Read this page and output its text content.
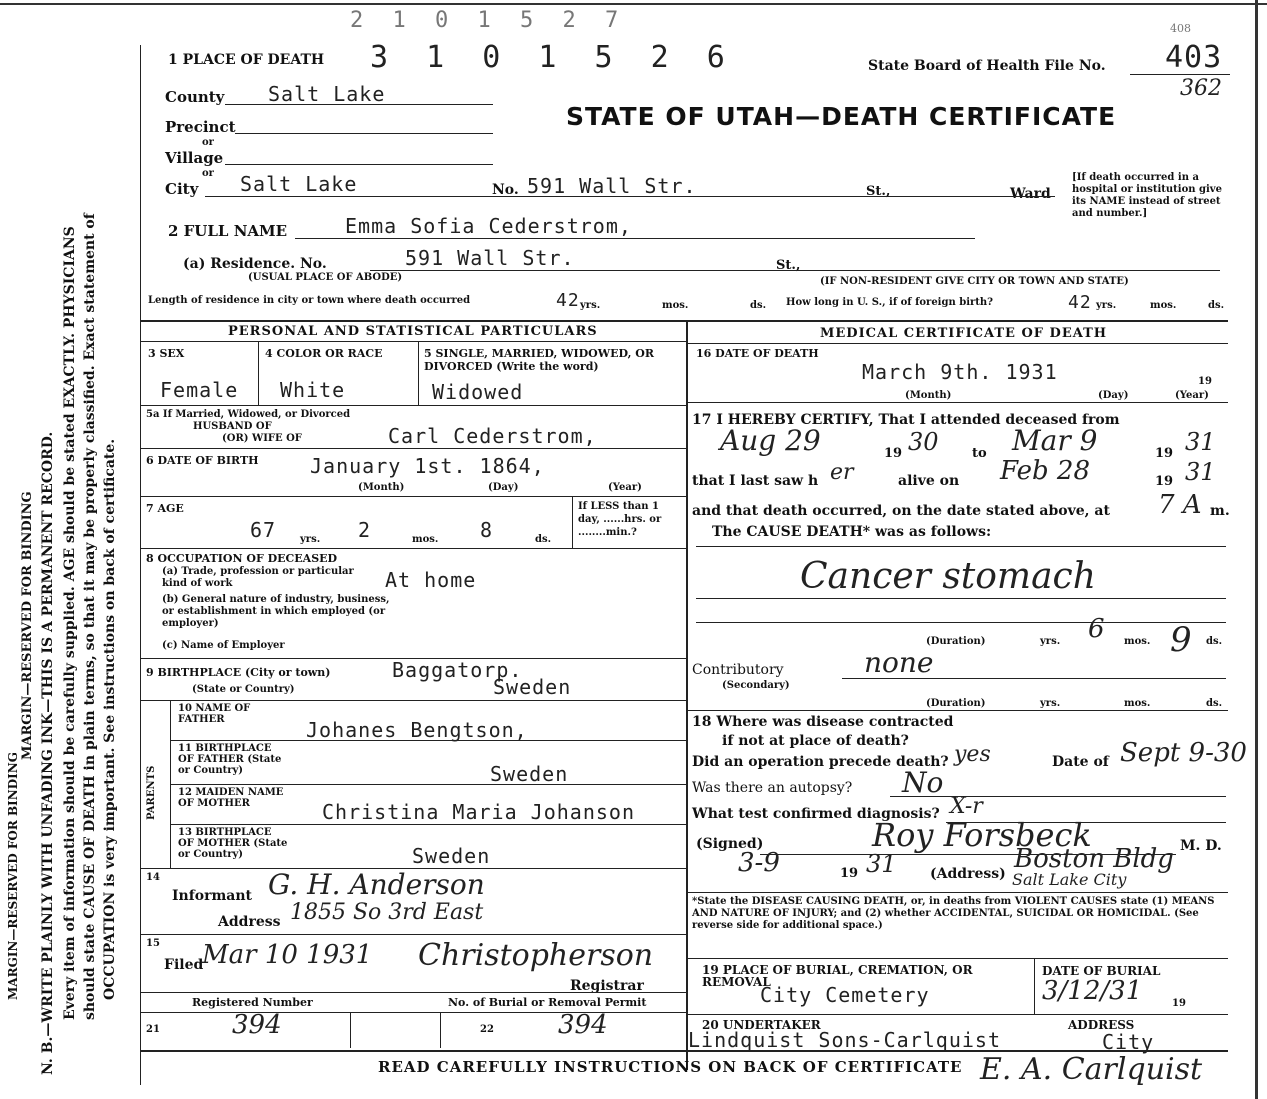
MARGIN—RESERVED FOR BINDING
MARGIN—RESERVED FOR BINDING N. B.—WRITE PLAINLY WITH UNFADING INK—THIS IS A PERMANENT RECORD. Every item of information should be carefully supplied. AGE should be stated EXACTLY. PHYSICIANS should state CAUSE OF DEATH in plain terms, so that it may be properly classified. Exact statement of OCCUPATION is very important. See instructions on back of certificate.
2 1 0 1 5 2 7	408
1 PLACE OF DEATH 3 1 0 1 5 2 6	State Board of Health File No. 403
362
STATE OF UTAH—DEATH CERTIFICATE
County Salt Lake
Precinct
or
Village
or
City Salt Lake	No. 591 Wall Str.	St.,	Ward
[If death occurred in a hospital or institution give its NAME instead of street and number.]
2 FULL NAME	Emma Sofia Cederstrom,
(a) Residence. No.	591 Wall Str.	St.,
(USUAL PLACE OF ABODE)	(IF NON-RESIDENT GIVE CITY OR TOWN AND STATE)
Length of residence in city or town where death occurred	42 yrs.	mos.	ds. How long in U. S., if of foreign birth?	42 yrs.	mos.	ds.
PERSONAL AND STATISTICAL PARTICULARS
3 SEX
Female
4 COLOR OR RACE
White
5 SINGLE, MARRIED, WIDOWED, OR DIVORCED (Write the word)
Widowed
5a If Married, Widowed, or Divorced
HUSBAND OF
(OR) WIFE OF	Carl Cederstrom,
6 DATE OF BIRTH	January 1st. 1864,
(Month)	(Day)	(Year)
7 AGE
67 yrs. 2	mos. 8	ds.
If LESS than 1 day, ......hrs. or ........min.?
8 OCCUPATION OF DECEASED
(a) Trade, profession or particular kind of work	At home
(b) General nature of industry, business, or establishment in which employed (or employer)
(c) Name of Employer
9 BIRTHPLACE (City or town)	Baggatorp.
(State or Country)	Sweden
PARENTS
10 NAME OF FATHER	Johanes Bengtson,
11 BIRTHPLACE OF FATHER (State or Country)	Sweden
12 MAIDEN NAME OF MOTHER	Christina Maria Johanson
13 BIRTHPLACE OF MOTHER (State or Country)	Sweden
14
Informant G. H. Anderson
Address 1855 So 3rd East
15
Filed
Mar 10 1931 Christopherson
Registrar
Registered Number	No. of Burial or Removal Permit
21	394	22 394
MEDICAL CERTIFICATE OF DEATH
16 DATE OF DEATH
March 9th. 1931	19
(Month)	(Day)	(Year)
17 I HEREBY CERTIFY, That I attended deceased from
Aug 29	19 30	to Mar 9	19 31
that I last saw h er	alive on Feb 28	19 31
and that death occurred, on the date stated above, at 7 A m.
The CAUSE DEATH* was as follows:
Cancer stomach
(Duration)	yrs. 6 mos. 9 ds.
Contributory
(Secondary)
none
(Duration)	yrs.	mos.	ds.
18 Where was disease contracted
if not at place of death?
Did an operation precede death? yes	Date of Sept 9-30
Was there an autopsy? No
What test confirmed diagnosis? X-r
(Signed)	Roy Forsbeck	M. D.
3-9	19 31 (Address) Boston Bldg
Salt Lake City
*State the DISEASE CAUSING DEATH, or, in deaths from VIOLENT CAUSES state (1) MEANS AND NATURE OF INJURY; and (2) whether ACCIDENTAL, SUICIDAL OR HOMICIDAL. (See reverse side for additional space.)
19 PLACE OF BURIAL, CREMATION, OR REMOVAL
City Cemetery
DATE OF BURIAL
3/12/31	19
20 UNDERTAKER
Lindquist Sons-Carlquist
ADDRESS
City
READ CAREFULLY INSTRUCTIONS ON BACK OF CERTIFICATE E. A. Carlquist
